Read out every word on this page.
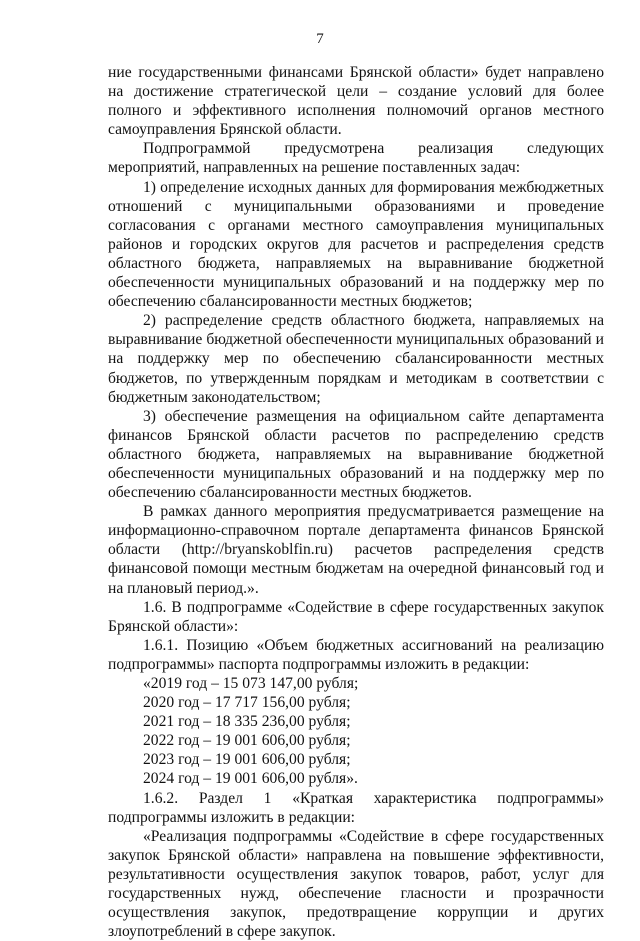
7

ние государственными финансами Брянской области» будет направлено на достижение стратегической цели – создание условий для более полного и эффективного исполнения полномочий органов местного самоуправления Брянской области.

Подпрограммой предусмотрена реализация следующих мероприятий, направленных на решение поставленных задач:

1) определение исходных данных для формирования межбюджетных отношений с муниципальными образованиями и проведение согласования с органами местного самоуправления муниципальных районов и городских округов для расчетов и распределения средств областного бюджета, направляемых на выравнивание бюджетной обеспеченности муниципальных образований и на поддержку мер по обеспечению сбалансированности местных бюджетов;

2) распределение средств областного бюджета, направляемых на выравнивание бюджетной обеспеченности муниципальных образований и на поддержку мер по обеспечению сбалансированности местных бюджетов, по утвержденным порядкам и методикам в соответствии с бюджетным законодательством;

3) обеспечение размещения на официальном сайте департамента финансов Брянской области расчетов по распределению средств областного бюджета, направляемых на выравнивание бюджетной обеспеченности муниципальных образований и на поддержку мер по обеспечению сбалансированности местных бюджетов.

В рамках данного мероприятия предусматривается размещение на информационно-справочном портале департамента финансов Брянской области (http://bryanskoblfin.ru) расчетов распределения средств финансовой помощи местным бюджетам на очередной финансовый год и на плановый период.».

1.6. В подпрограмме «Содействие в сфере государственных закупок Брянской области»:

1.6.1. Позицию «Объем бюджетных ассигнований на реализацию подпрограммы» паспорта подпрограммы изложить в редакции:

«2019 год – 15 073 147,00 рубля;

2020 год – 17 717 156,00 рубля;

2021 год – 18 335 236,00 рубля;

2022 год – 19 001 606,00 рубля;

2023 год – 19 001 606,00 рубля;

2024 год – 19 001 606,00 рубля».

1.6.2. Раздел 1 «Краткая характеристика подпрограммы» подпрограммы изложить в редакции:

«Реализация подпрограммы «Содействие в сфере государственных закупок Брянской области» направлена на повышение эффективности, результативности осуществления закупок товаров, работ, услуг для государственных нужд, обеспечение гласности и прозрачности осуществления закупок, предотвращение коррупции и других злоупотреблений в сфере закупок.
